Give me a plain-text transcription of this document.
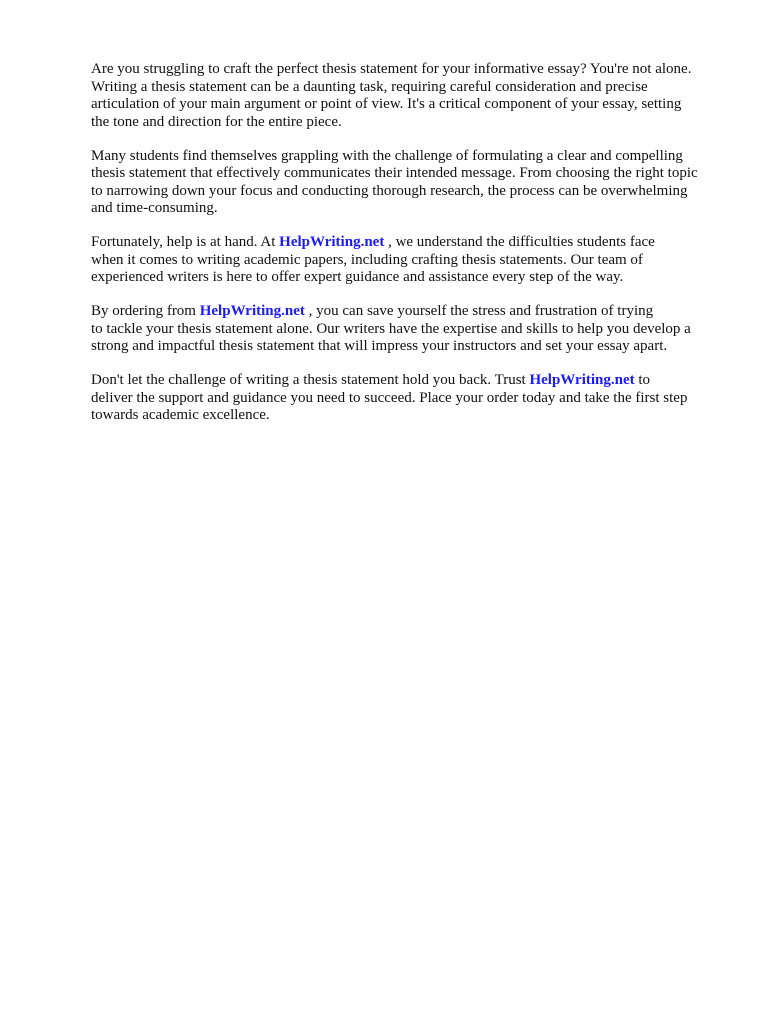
Are you struggling to craft the perfect thesis statement for your informative essay? You're not alone.
Writing a thesis statement can be a daunting task, requiring careful consideration and precise
articulation of your main argument or point of view. It's a critical component of your essay, setting
the tone and direction for the entire piece.

Many students find themselves grappling with the challenge of formulating a clear and compelling
thesis statement that effectively communicates their intended message. From choosing the right topic
to narrowing down your focus and conducting thorough research, the process can be overwhelming
and time-consuming.

Fortunately, help is at hand. At HelpWriting.net , we understand the difficulties students face
when it comes to writing academic papers, including crafting thesis statements. Our team of
experienced writers is here to offer expert guidance and assistance every step of the way.

By ordering from HelpWriting.net , you can save yourself the stress and frustration of trying
to tackle your thesis statement alone. Our writers have the expertise and skills to help you develop a
strong and impactful thesis statement that will impress your instructors and set your essay apart.

Don't let the challenge of writing a thesis statement hold you back. Trust HelpWriting.net to
deliver the support and guidance you need to succeed. Place your order today and take the first step
towards academic excellence.
